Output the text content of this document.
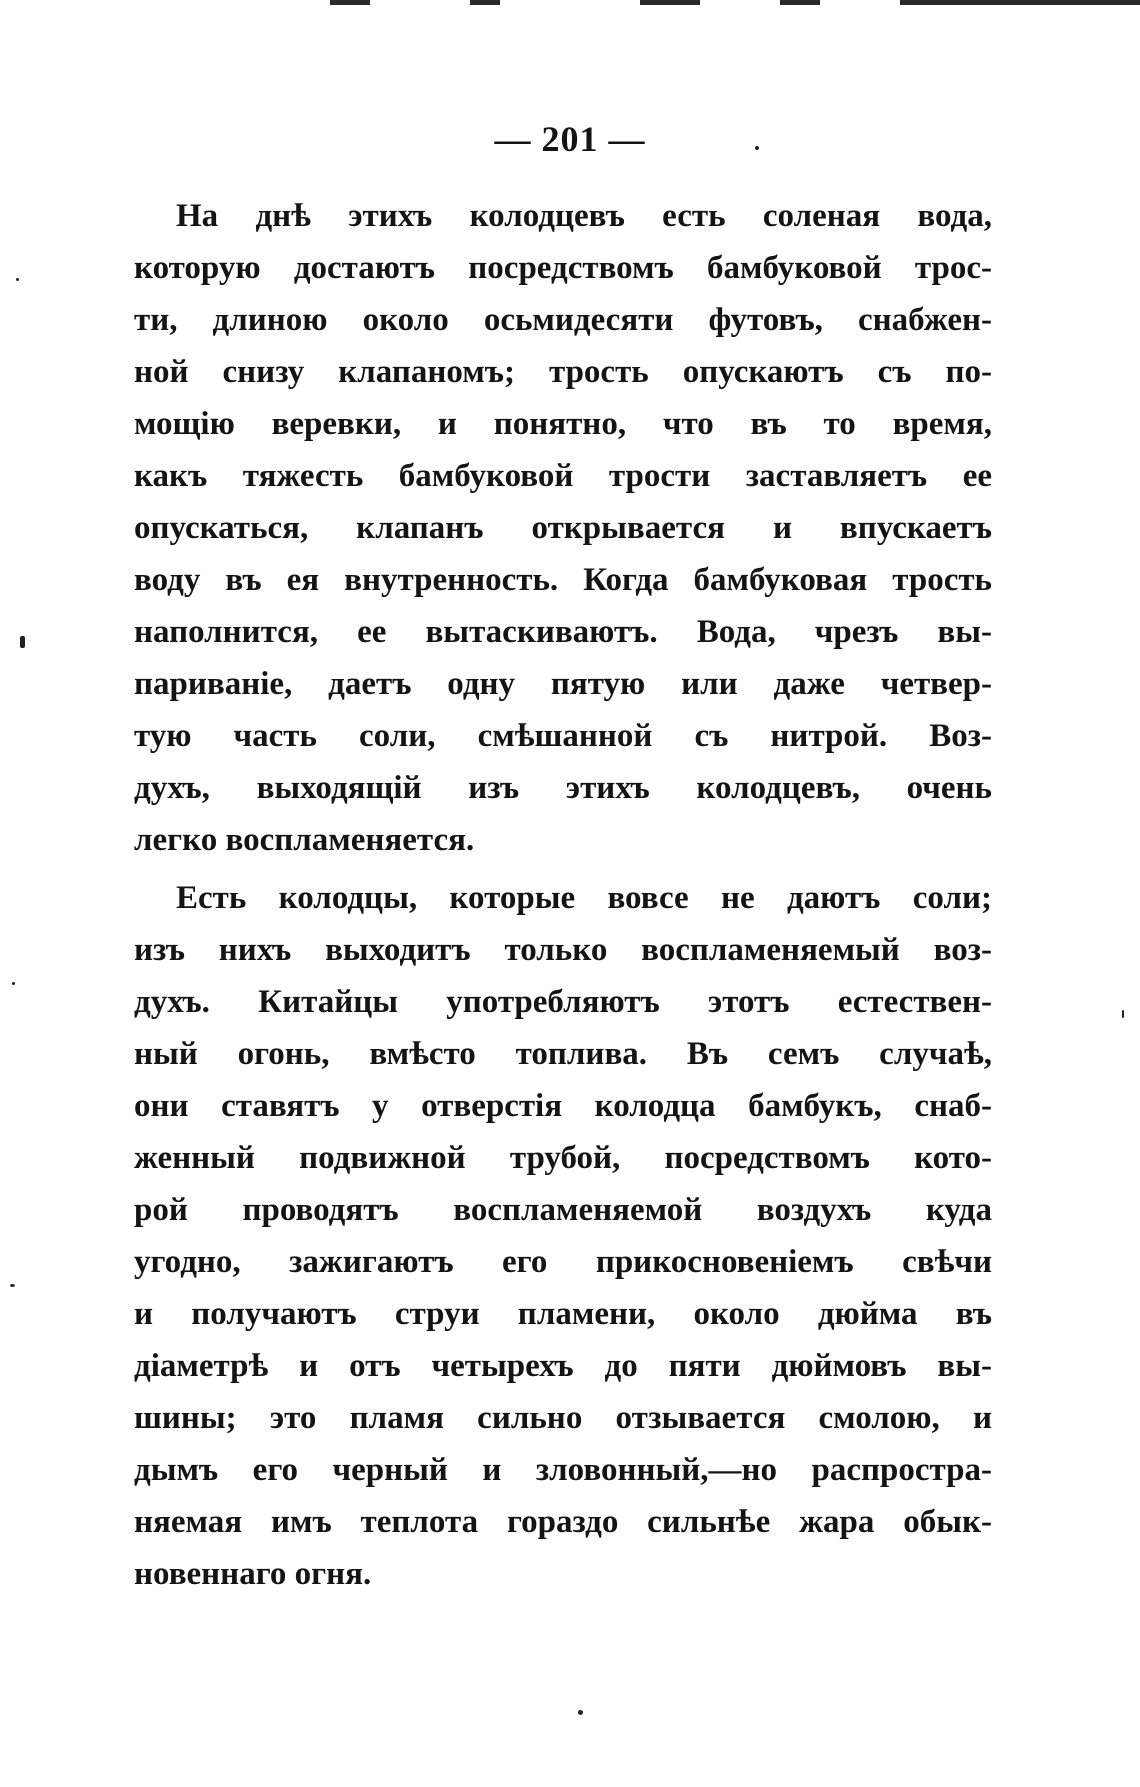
— 201 —
На днѣ этихъ колодцевъ есть соленая вода,
которую достаютъ посредствомъ бамбуковой трос-
ти, длиною около осьмидесяти футовъ, снабжен-
ной снизу клапаномъ; трость опускаютъ съ по-
мощію веревки, и понятно, что въ то время,
какъ тяжесть бамбуковой трости заставляетъ ее
опускаться, клапанъ открывается и впускаетъ
воду въ ея внутренность. Когда бамбуковая трость
наполнится, ее вытаскиваютъ. Вода, чрезъ вы-
париваніе, даетъ одну пятую или даже четвер-
тую часть соли, смѣшанной съ нитрой. Воз-
духъ, выходящій изъ этихъ колодцевъ, очень
легко воспламеняется.
Есть колодцы, которые вовсе не даютъ соли;
изъ нихъ выходитъ только воспламеняемый воз-
духъ. Китайцы употребляютъ этотъ естествен-
ный огонь, вмѣсто топлива. Въ семъ случаѣ,
они ставятъ у отверстія колодца бамбукъ, снаб-
женный подвижной трубой, посредствомъ кото-
рой проводятъ воспламеняемой воздухъ куда
угодно, зажигаютъ его прикосновеніемъ свѣчи
и получаютъ струи пламени, около дюйма въ
діаметрѣ и отъ четырехъ до пяти дюймовъ вы-
шины; это пламя сильно отзывается смолою, и
дымъ его черный и зловонный,—но распростра-
няемая имъ теплота гораздо сильнѣе жара обык-
новеннаго огня.
